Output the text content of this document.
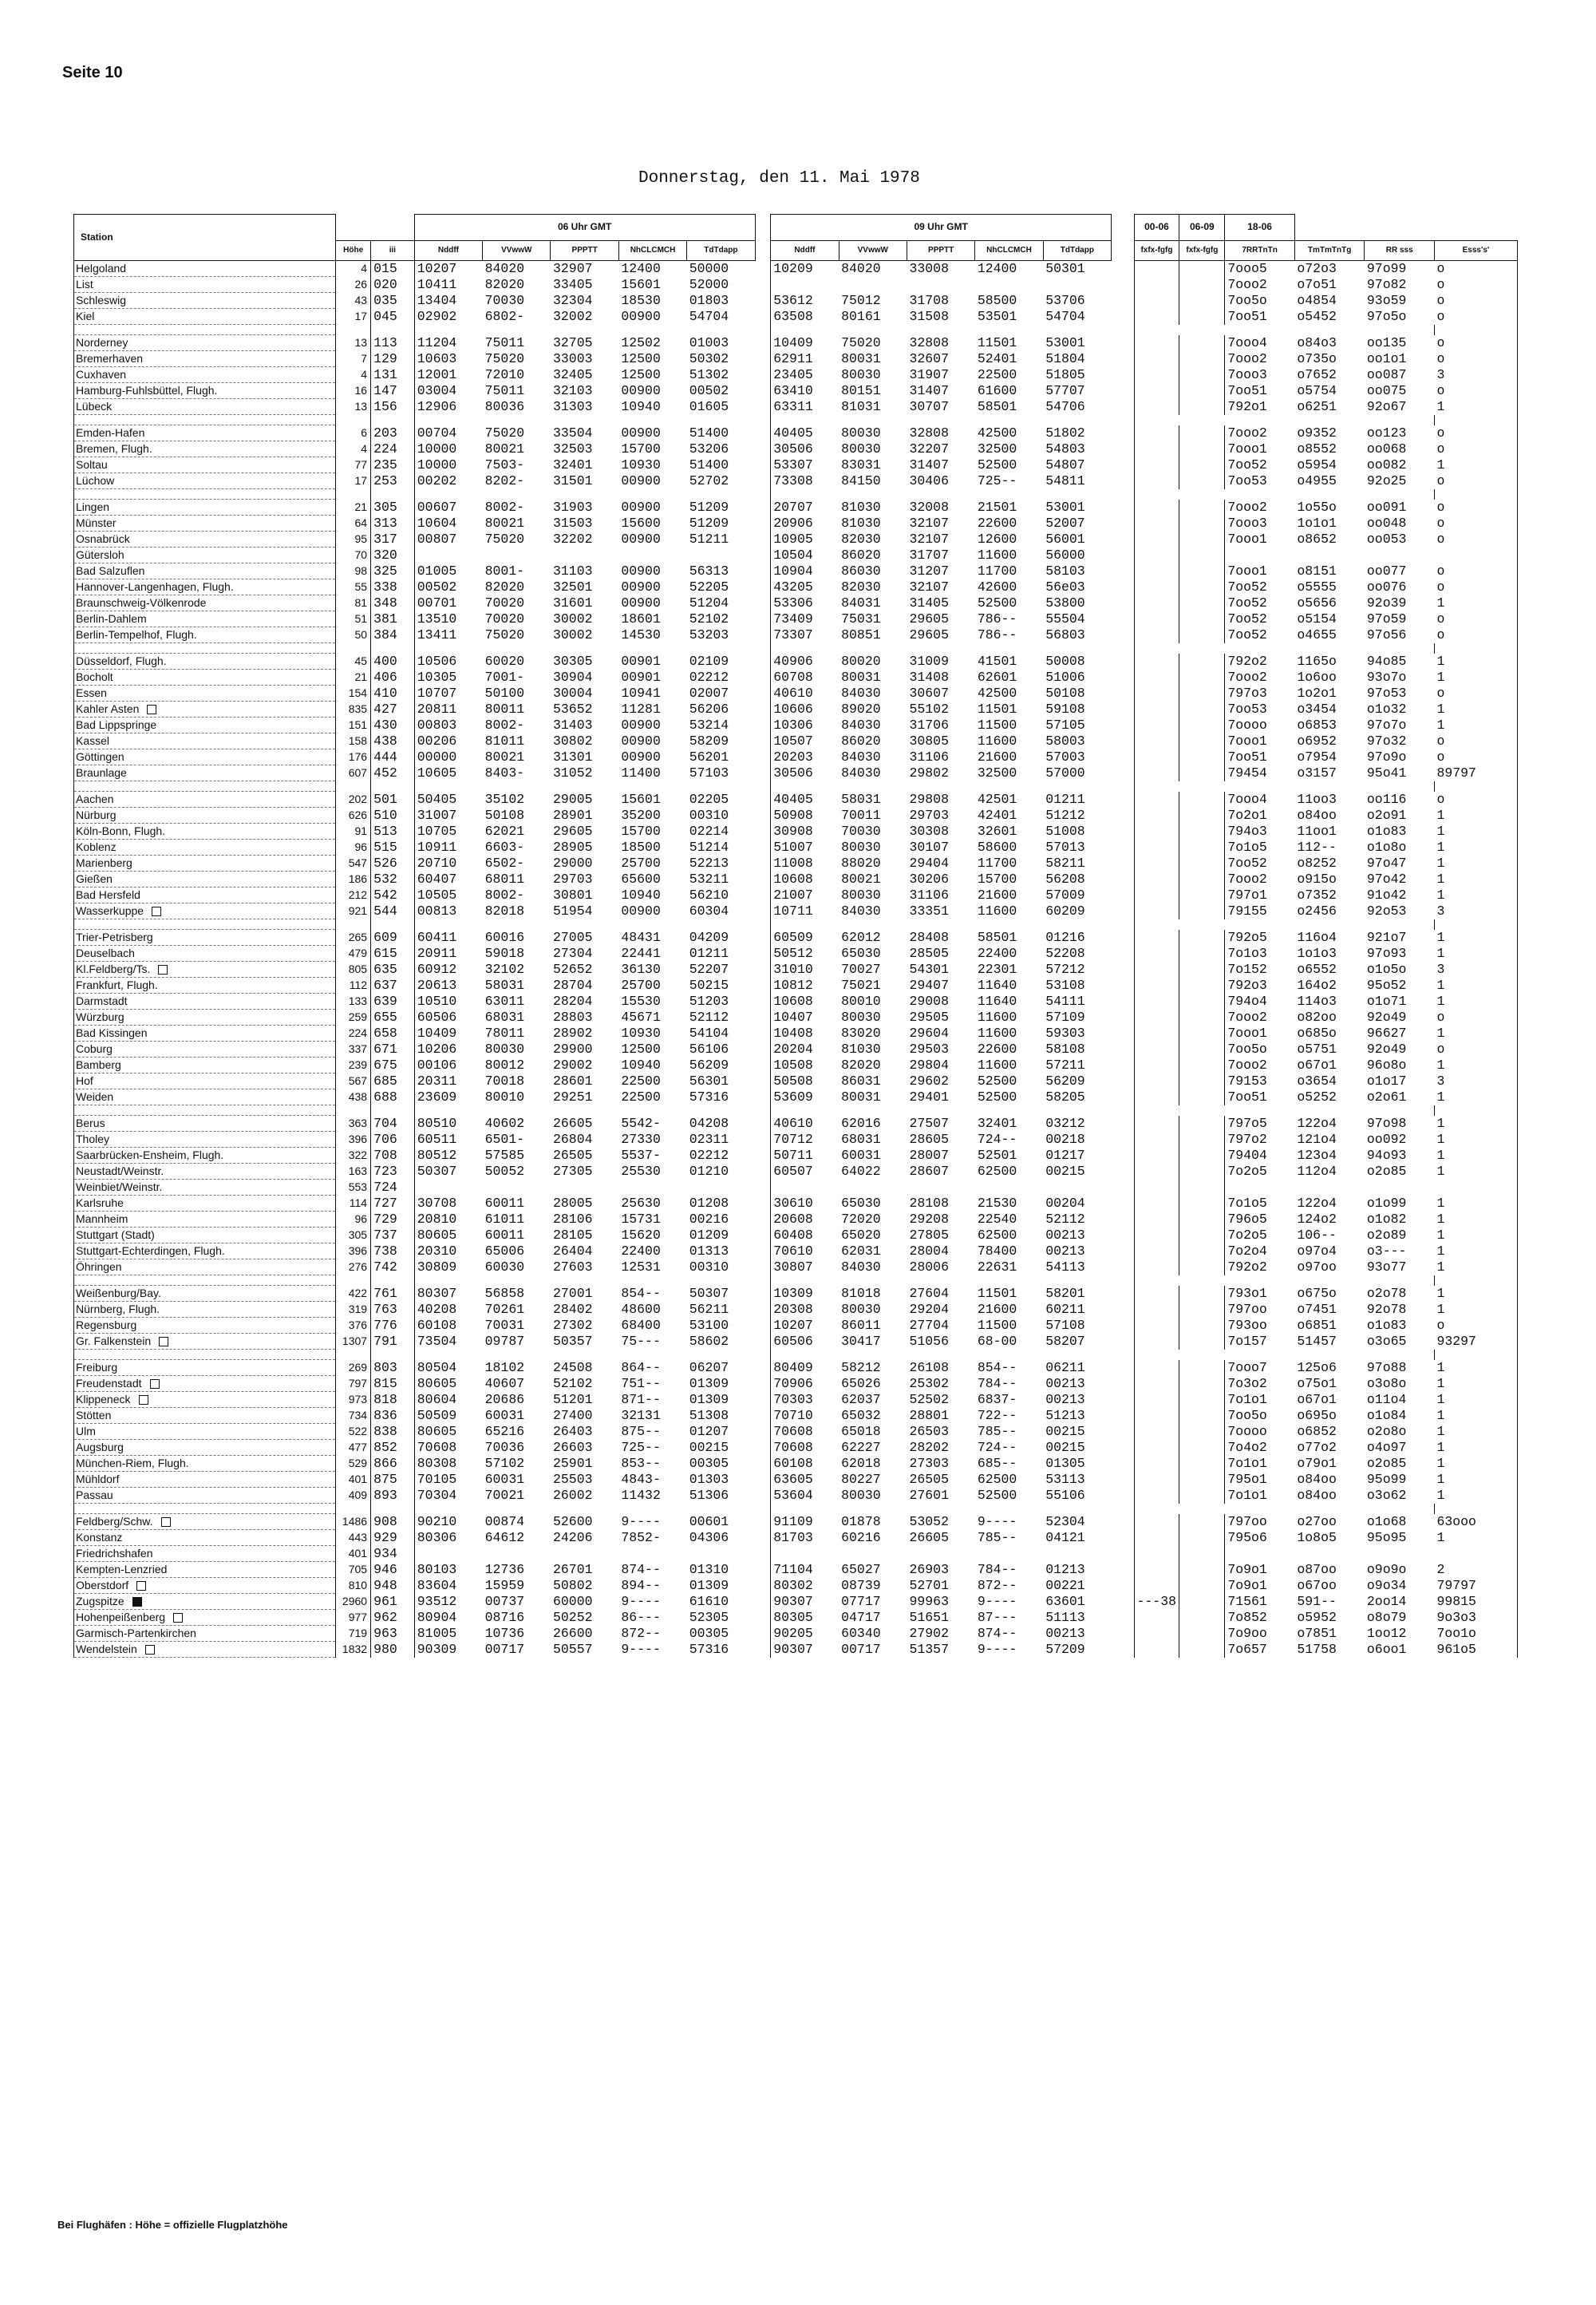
Seite 10
Donnerstag, den 11. Mai 1978
Station			06 Uhr GMT						09 Uhr GMT						00-06	06-09	18-06			
	Höhe	iii	Nddff	VVwwW	PPPTT	NhCLCMCH	TdTdapp		Nddff	VVwwW	PPPTT	NhCLCMCH	TdTdapp		fxfx-fgfg	fxfx-fgfg	7RRTnTn	TmTmTnTg	RR sss	Esss's'
Helgoland	4	015	10207	84020	32907	12400	50000		10209	84020	33008	12400	50301				7ooo5	o72o3	97o99	o
List	26	020	10411	82020	33405	15601	52000										7ooo2	o7o51	97o82	o
Schleswig	43	035	13404	70030	32304	18530	01803		53612	75012	31708	58500	53706				7oo5o	o4854	93o59	o
Kiel	17	045	02902	6802-	32002	00900	54704		63508	80161	31508	53501	54704				7oo51	o5452	97o5o	o

Norderney	13	113	11204	75011	32705	12502	01003		10409	75020	32808	11501	53001				7ooo4	o84o3	oo135	o
Bremerhaven	7	129	10603	75020	33003	12500	50302		62911	80031	32607	52401	51804				7ooo2	o735o	oo1o1	o
Cuxhaven	4	131	12001	72010	32405	12500	51302		23405	80030	31907	22500	51805				7ooo3	o7652	oo087	3
Hamburg-Fuhlsbüttel, Flugh.	16	147	03004	75011	32103	00900	00502		63410	80151	31407	61600	57707				7oo51	o5754	oo075	o
Lübeck	13	156	12906	80036	31303	10940	01605		63311	81031	30707	58501	54706				792o1	o6251	92o67	1

Emden-Hafen	6	203	00704	75020	33504	00900	51400		40405	80030	32808	42500	51802				7ooo2	o9352	oo123	o
Bremen, Flugh.	4	224	10000	80021	32503	15700	53206		30506	80030	32207	32500	54803				7ooo1	o8552	oo068	o
Soltau	77	235	10000	7503-	32401	10930	51400		53307	83031	31407	52500	54807				7oo52	o5954	oo082	1
Lüchow	17	253	00202	8202-	31501	00900	52702		73308	84150	30406	725--	54811				7oo53	o4955	92o25	o

Lingen	21	305	00607	8002-	31903	00900	51209		20707	81030	32008	21501	53001				7ooo2	1o55o	oo091	o
Münster	64	313	10604	80021	31503	15600	51209		20906	81030	32107	22600	52007				7ooo3	1o1o1	oo048	o
Osnabrück	95	317	00807	75020	32202	00900	51211		10905	82030	32107	12600	56001				7ooo1	o8652	oo053	o
Gütersloh	70	320							10504	86020	31707	11600	56000							
Bad Salzuflen	98	325	01005	8001-	31103	00900	56313		10904	86030	31207	11700	58103				7ooo1	o8151	oo077	o
Hannover-Langenhagen, Flugh.	55	338	00502	82020	32501	00900	52205		43205	82030	32107	42600	56e03				7oo52	o5555	oo076	o
Braunschweig-Völkenrode	81	348	00701	70020	31601	00900	51204		53306	84031	31405	52500	53800				7oo52	o5656	92o39	1
Berlin-Dahlem	51	381	13510	70020	30002	18601	52102		73409	75031	29605	786--	55504				7oo52	o5154	97o59	o
Berlin-Tempelhof, Flugh.	50	384	13411	75020	30002	14530	53203		73307	80851	29605	786--	56803				7oo52	o4655	97o56	o

Düsseldorf, Flugh.	45	400	10506	60020	30305	00901	02109		40906	80020	31009	41501	50008				792o2	1165o	94o85	1
Bocholt	21	406	10305	7001-	30904	00901	02212		60708	80031	31408	62601	51006				7ooo2	1o6oo	93o7o	1
Essen	154	410	10707	50100	30004	10941	02007		40610	84030	30607	42500	50108				797o3	1o2o1	97o53	o
Kahler Asten	835	427	20811	80011	53652	11281	56206		10606	89020	55102	11501	59108				7oo53	o3454	o1o32	1
Bad Lippspringe	151	430	00803	8002-	31403	00900	53214		10306	84030	31706	11500	57105				7oooo	o6853	97o7o	1
Kassel	158	438	00206	81011	30802	00900	58209		10507	86020	30805	11600	58003				7ooo1	o6952	97o32	o
Göttingen	176	444	00000	80021	31301	00900	56201		20203	84030	31106	21600	57003				7oo51	o7954	97o9o	o
Braunlage	607	452	10605	8403-	31052	11400	57103		30506	84030	29802	32500	57000				79454	o3157	95o41	89797

Aachen	202	501	50405	35102	29005	15601	02205		40405	58031	29808	42501	01211				7ooo4	11oo3	oo116	o
Nürburg	626	510	31007	50108	28901	35200	00310		50908	70011	29703	42401	51212				7o2o1	o84oo	o2o91	1
Köln-Bonn, Flugh.	91	513	10705	62021	29605	15700	02214		30908	70030	30308	32601	51008				794o3	11oo1	o1o83	1
Koblenz	96	515	10911	6603-	28905	18500	51214		51007	80030	30107	58600	57013				7o1o5	112--	o1o8o	1
Marienberg	547	526	20710	6502-	29000	25700	52213		11008	88020	29404	11700	58211				7oo52	o8252	97o47	1
Gießen	186	532	60407	68011	29703	65600	53211		10608	80021	30206	15700	56208				7ooo2	o915o	97o42	1
Bad Hersfeld	212	542	10505	8002-	30801	10940	56210		21007	80030	31106	21600	57009				797o1	o7352	91o42	1
Wasserkuppe	921	544	00813	82018	51954	00900	60304		10711	84030	33351	11600	60209				79155	o2456	92o53	3

Trier-Petrisberg	265	609	60411	60016	27005	48431	04209		60509	62012	28408	58501	01216				792o5	116o4	921o7	1
Deuselbach	479	615	20911	59018	27304	22441	01211		50512	65030	28505	22400	52208				7o1o3	1o1o3	97o93	1
Kl.Feldberg/Ts.	805	635	60912	32102	52652	36130	52207		31010	70027	54301	22301	57212				7o152	o6552	o1o5o	3
Frankfurt, Flugh.	112	637	20613	58031	28704	25700	50215		10812	75021	29407	11640	53108				792o3	164o2	95o52	1
Darmstadt	133	639	10510	63011	28204	15530	51203		10608	80010	29008	11640	54111				794o4	114o3	o1o71	1
Würzburg	259	655	60506	68031	28803	45671	52112		10407	80030	29505	11600	57109				7ooo2	o82oo	92o49	o
Bad Kissingen	224	658	10409	78011	28902	10930	54104		10408	83020	29604	11600	59303				7ooo1	o685o	96627	1
Coburg	337	671	10206	80030	29900	12500	56106		20204	81030	29503	22600	58108				7oo5o	o5751	92o49	o
Bamberg	239	675	00106	80012	29002	10940	56209		10508	82020	29804	11600	57211				7ooo2	o67o1	96o8o	1
Hof	567	685	20311	70018	28601	22500	56301		50508	86031	29602	52500	56209				79153	o3654	o1o17	3
Weiden	438	688	23609	80010	29251	22500	57316		53609	80031	29401	52500	58205				7oo51	o5252	o2o61	1

Berus	363	704	80510	40602	26605	5542-	04208		40610	62016	27507	32401	03212				797o5	122o4	97o98	1
Tholey	396	706	60511	6501-	26804	27330	02311		70712	68031	28605	724--	00218				797o2	121o4	oo092	1
Saarbrücken-Ensheim, Flugh.	322	708	80512	57585	26505	5537-	02212		50711	60031	28007	52501	01217				79404	123o4	94o93	1
Neustadt/Weinstr.	163	723	50307	50052	27305	25530	01210		60507	64022	28607	62500	00215				7o2o5	112o4	o2o85	1
Weinbiet/Weinstr.	553	724																		
Karlsruhe	114	727	30708	60011	28005	25630	01208		30610	65030	28108	21530	00204				7o1o5	122o4	o1o99	1
Mannheim	96	729	20810	61011	28106	15731	00216		20608	72020	29208	22540	52112				796o5	124o2	o1o82	1
Stuttgart (Stadt)	305	737	80605	60011	28105	15620	01209		60408	65020	27805	62500	00213				7o2o5	106--	o2o89	1
Stuttgart-Echterdingen, Flugh.	396	738	20310	65006	26404	22400	01313		70610	62031	28004	78400	00213				7o2o4	o97o4	o3---	1
Öhringen	276	742	30809	60030	27603	12531	00310		30807	84030	28006	22631	54113				792o2	o97oo	93o77	1

Weißenburg/Bay.	422	761	80307	56858	27001	854--	50307		10309	81018	27604	11501	58201				793o1	o675o	o2o78	1
Nürnberg, Flugh.	319	763	40208	70261	28402	48600	56211		20308	80030	29204	21600	60211				797oo	o7451	92o78	1
Regensburg	376	776	60108	70031	27302	68400	53100		10207	86011	27704	11500	57108				793oo	o6851	o1o83	o
Gr. Falkenstein	1307	791	73504	09787	50357	75---	58602		60506	30417	51056	68-00	58207				7o157	51457	o3o65	93297

Freiburg	269	803	80504	18102	24508	864--	06207		80409	58212	26108	854--	06211				7ooo7	125o6	97o88	1
Freudenstadt	797	815	80605	40607	52102	751--	01309		70906	65026	25302	784--	00213				7o3o2	o75o1	o3o8o	1
Klippeneck	973	818	80604	20686	51201	871--	01309		70303	62037	52502	6837-	00213				7o1o1	o67o1	o11o4	1
Stötten	734	836	50509	60031	27400	32131	51308		70710	65032	28801	722--	51213				7oo5o	o695o	o1o84	1
Ulm	522	838	80605	65216	26403	875--	01207		70608	65018	26503	785--	00215				7oooo	o6852	o2o8o	1
Augsburg	477	852	70608	70036	26603	725--	00215		70608	62227	28202	724--	00215				7o4o2	o77o2	o4o97	1
München-Riem, Flugh.	529	866	80308	57102	25901	853--	00305		60108	62018	27303	685--	01305				7o1o1	o79o1	o2o85	1
Mühldorf	401	875	70105	60031	25503	4843-	01303		63605	80227	26505	62500	53113				795o1	o84oo	95o99	1
Passau	409	893	70304	70021	26002	11432	51306		53604	80030	27601	52500	55106				7o1o1	o84oo	o3o62	1

Feldberg/Schw.	1486	908	90210	00874	52600	9----	00601		91109	01878	53052	9----	52304				797oo	o27oo	o1o68	63ooo
Konstanz	443	929	80306	64612	24206	7852-	04306		81703	60216	26605	785--	04121				795o6	1o8o5	95o95	1
Friedrichshafen	401	934																		
Kempten-Lenzried	705	946	80103	12736	26701	874--	01310		71104	65027	26903	784--	01213				7o9o1	o87oo	o9o9o	2
Oberstdorf	810	948	83604	15959	50802	894--	01309		80302	08739	52701	872--	00221				7o9o1	o67oo	o9o34	79797
Zugspitze	2960	961	93512	00737	60000	9----	61610		90307	07717	99963	9----	63601		---38		71561	591--	2oo14	99815
Hohenpeißenberg	977	962	80904	08716	50252	86---	52305		80305	04717	51651	87---	51113				7o852	o5952	o8o79	9o3o3
Garmisch-Partenkirchen	719	963	81005	10736	26600	872--	00305		90205	60340	27902	874--	00213				7o9oo	o7851	1oo12	7oo1o
Wendelstein	1832	980	90309	00717	50557	9----	57316		90307	00717	51357	9----	57209				7o657	51758	o6oo1	961o5
Bei Flughäfen : Höhe = offizielle Flugplatzhöhe
